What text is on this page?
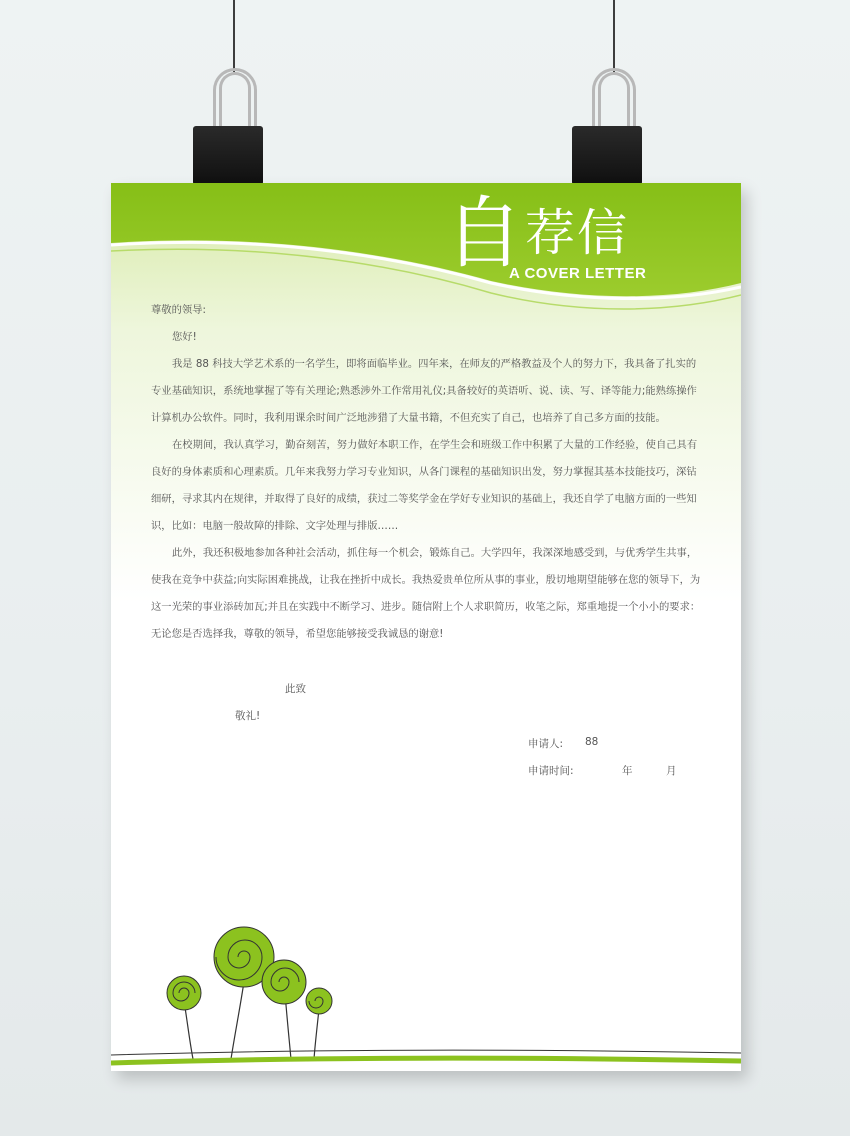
自荐信
A COVER LETTER

尊敬的领导:

您好!

我是 88 科技大学艺术系的一名学生，即将面临毕业。四年来，在师友的严格教益及个人的努力下，我具备了扎实的专业基础知识，系统地掌握了等有关理论;熟悉涉外工作常用礼仪;具备较好的英语听、说、读、写、译等能力;能熟练操作计算机办公软件。同时，我利用课余时间广泛地涉猎了大量书籍，不但充实了自己，也培养了自己多方面的技能。

在校期间，我认真学习，勤奋刻苦，努力做好本职工作，在学生会和班级工作中积累了大量的工作经验，使自己具有良好的身体素质和心理素质。几年来我努力学习专业知识，从各门课程的基础知识出发，努力掌握其基本技能技巧，深钻细研，寻求其内在规律，并取得了良好的成绩，获过二等奖学金在学好专业知识的基础上，我还自学了电脑方面的一些知识，比如：电脑一般故障的排除、文字处理与排版……

此外，我还积极地参加各种社会活动，抓住每一个机会，锻炼自己。大学四年，我深深地感受到，与优秀学生共事，使我在竞争中获益;向实际困难挑战，让我在挫折中成长。我热爱贵单位所从事的事业，殷切地期望能够在您的领导下，为这一光荣的事业添砖加瓦;并且在实践中不断学习、进步。随信附上个人求职简历，收笔之际，郑重地提一个小小的要求：无论您是否选择我，尊敬的领导，希望您能够接受我诚恳的谢意!

此致
敬礼!
申请人: 88
申请时间:	年	月
